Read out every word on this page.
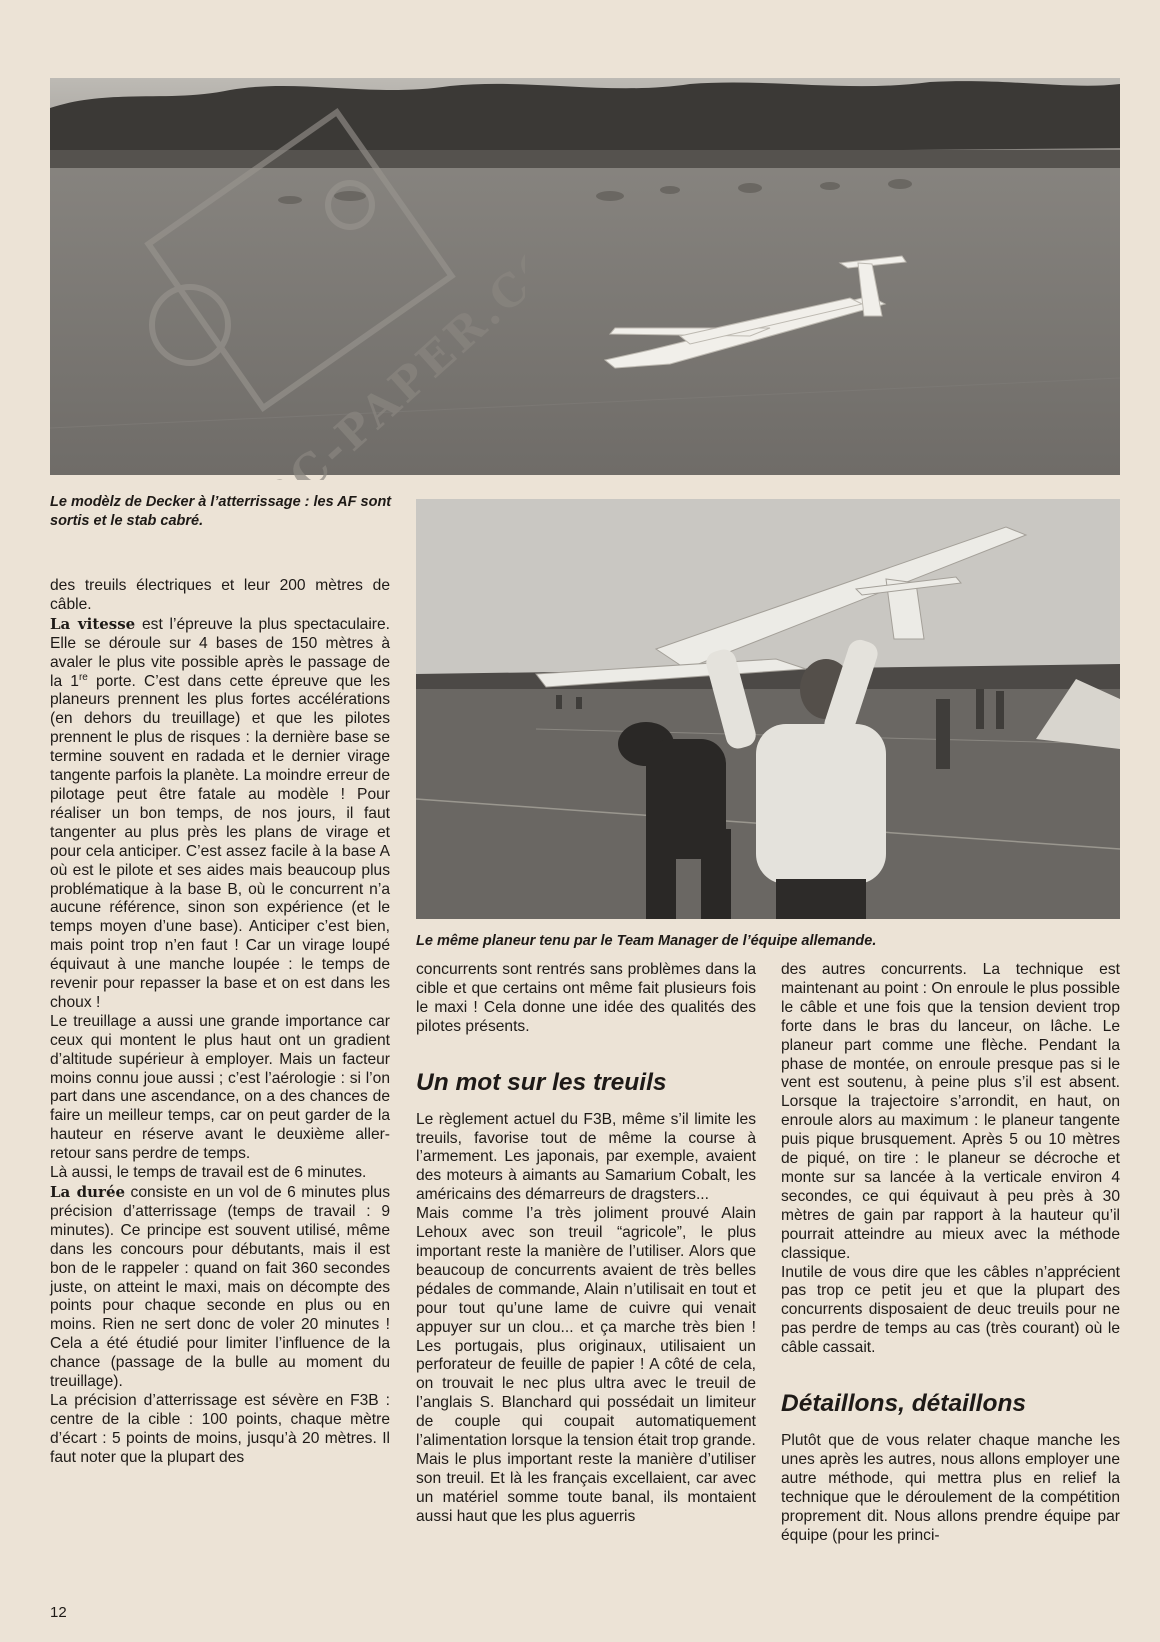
Le modèlz de Decker à l’atterrissage : les AF sont sortis et le stab cabré.
Le même planeur tenu par le Team Manager de l’équipe allemande.

des treuils électriques et leur 200 mètres de câble.

La vitesse est l’épreuve la plus spectaculaire. Elle se déroule sur 4 bases de 150 mètres à avaler le plus vite possible après le passage de la 1re porte. C’est dans cette épreuve que les planeurs prennent les plus fortes accélérations (en dehors du treuillage) et que les pilotes prennent le plus de risques : la dernière base se termine souvent en radada et le dernier virage tangente parfois la planète. La moindre erreur de pilotage peut être fatale au modèle ! Pour réaliser un bon temps, de nos jours, il faut tangenter au plus près les plans de virage et pour cela anticiper. C’est assez facile à la base A où est le pilote et ses aides mais beaucoup plus problématique à la base B, où le concurrent n’a aucune référence, sinon son expérience (et le temps moyen d’une base). Anticiper c’est bien, mais point trop n’en faut ! Car un virage loupé équivaut à une manche loupée : le temps de revenir pour repasser la base et on est dans les choux !

Le treuillage a aussi une grande importance car ceux qui montent le plus haut ont un gradient d’altitude supérieur à employer. Mais un facteur moins connu joue aussi ; c’est l’aérologie : si l’on part dans une ascendance, on a des chances de faire un meilleur temps, car on peut garder de la hauteur en réserve avant le deuxième aller-retour sans perdre de temps.

Là aussi, le temps de travail est de 6 minutes.

La durée consiste en un vol de 6 minutes plus précision d’atterrissage (temps de travail : 9 minutes). Ce principe est souvent utilisé, même dans les concours pour débutants, mais il est bon de le rappeler : quand on fait 360 secondes juste, on atteint le maxi, mais on décompte des points pour chaque seconde en plus ou en moins. Rien ne sert donc de voler 20 minutes ! Cela a été étudié pour limiter l’influence de la chance (passage de la bulle au moment du treuillage).

La précision d’atterrissage est sévère en F3B : centre de la cible : 100 points, chaque mètre d’écart : 5 points de moins, jusqu’à 20 mètres. Il faut noter que la plupart des

concurrents sont rentrés sans problèmes dans la cible et que certains ont même fait plusieurs fois le maxi ! Cela donne une idée des qualités des pilotes présents.

Un mot sur les treuils

Le règlement actuel du F3B, même s’il limite les treuils, favorise tout de même la course à l’armement. Les japonais, par exemple, avaient des moteurs à aimants au Samarium Cobalt, les américains des démarreurs de dragsters...

Mais comme l’a très joliment prouvé Alain Lehoux avec son treuil “agricole”, le plus important reste la manière de l’utiliser. Alors que beaucoup de concurrents avaient de très belles pédales de commande, Alain n’utilisait en tout et pour tout qu’une lame de cuivre qui venait appuyer sur un clou... et ça marche très bien ! Les portugais, plus originaux, utilisaient un perforateur de feuille de papier ! A côté de cela, on trouvait le nec plus ultra avec le treuil de l’anglais S. Blanchard qui possédait un limiteur de couple qui coupait automatiquement l’alimentation lorsque la tension était trop grande.

Mais le plus important reste la manière d’utiliser son treuil. Et là les français excellaient, car avec un matériel somme toute banal, ils montaient aussi haut que les plus aguerris

des autres concurrents. La technique est maintenant au point : On enroule le plus possible le câble et une fois que la tension devient trop forte dans le bras du lanceur, on lâche. Le planeur part comme une flèche. Pendant la phase de montée, on enroule presque pas si le vent est soutenu, à peine plus s’il est absent. Lorsque la trajectoire s’arrondit, en haut, on enroule alors au maximum : le planeur tangente puis pique brusquement. Après 5 ou 10 mètres de piqué, on tire : le planeur se décroche et monte sur sa lancée à la verticale environ 4 secondes, ce qui équivaut à peu près à 30 mètres de gain par rapport à la hauteur qu’il pourrait atteindre au mieux avec la méthode classique.

Inutile de vous dire que les câbles n’apprécient pas trop ce petit jeu et que la plupart des concurrents disposaient de deuc treuils pour ne pas perdre de temps au cas (très courant) où le câble cassait.

Détaillons, détaillons

Plutôt que de vous relater chaque manche les unes après les autres, nous allons employer une autre méthode, qui mettra plus en relief la technique que le déroulement de la compétition proprement dit. Nous allons prendre équipe par équipe (pour les princi-

12
